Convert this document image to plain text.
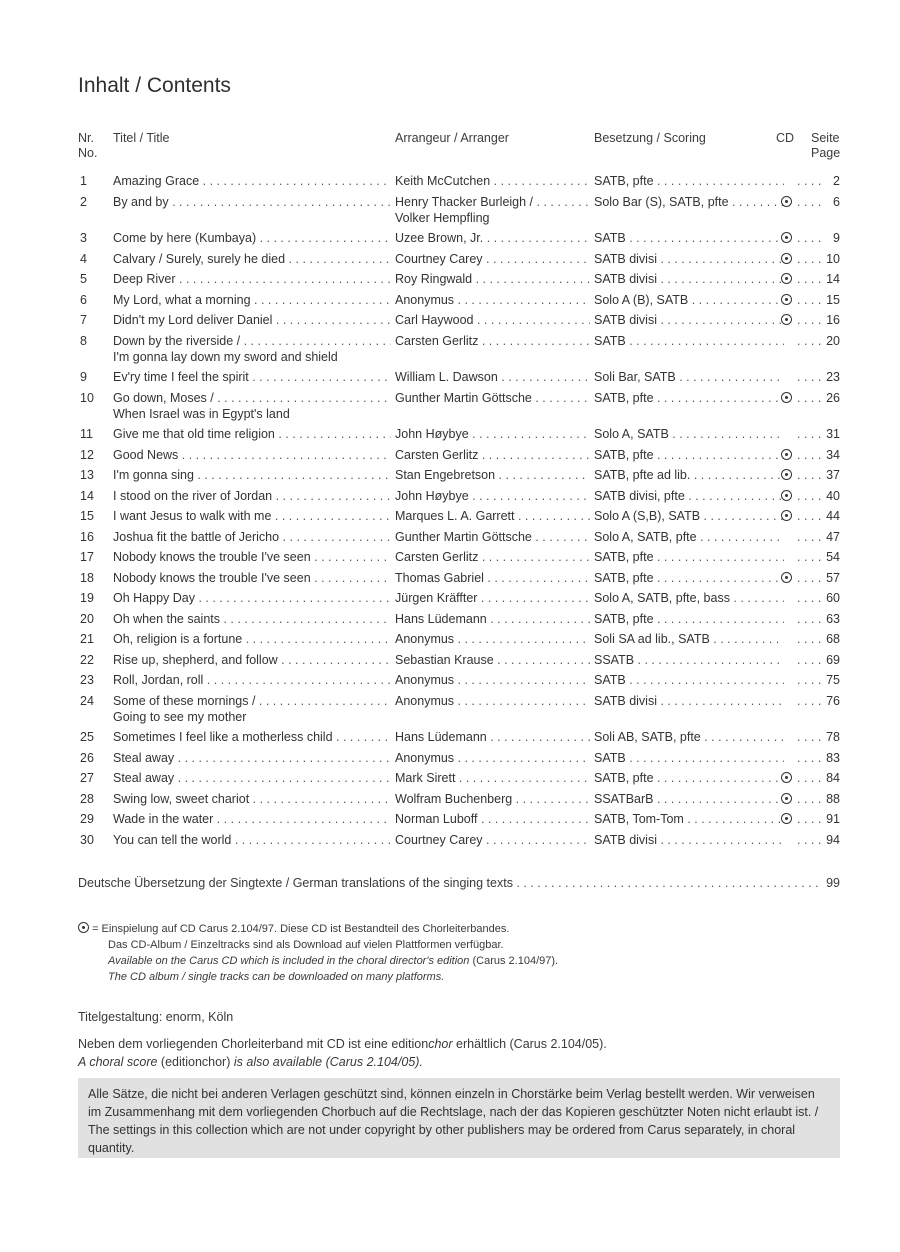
Inhalt / Contents
Nr.
No.
Titel / Title	Arrangeur / Arranger	Besetzung / Scoring	CD Seite
Page
1	Amazing Grace . . .	Keith McCutchen . . .	SATB, pfte . . .	. . . . 2
2	By and by . . .	Henry Thacker Burleigh / . . .	Solo Bar (S), SATB, pfte . . .	. . . . 6
Volker Hempfling
3	Come by here (Kumbaya) . . .	Uzee Brown, Jr. . . .	SATB . . .	. . . . 9
4	Calvary / Surely, surely he died . . .	Courtney Carey . . .	SATB divisi . . .	. . . . 10
5	Deep River . . .	Roy Ringwald . . .	SATB divisi . . .	. . . . 14
6	My Lord, what a morning . . .	Anonymus . . .	Solo A (B), SATB . . .	. . . . 15
7	Didn't my Lord deliver Daniel . . .	Carl Haywood . . .	SATB divisi . . .	. . . . 16
8	Down by the riverside / . . .	Carsten Gerlitz . . .	SATB . . .	. . . . 20
I'm gonna lay down my sword and shield
9	Ev'ry time I feel the spirit . . .	William L. Dawson . . .	Soli Bar, SATB . . .	. . . . 23
10	Go down, Moses / . . .	Gunther Martin Göttsche . . .	SATB, pfte . . .	. . . . 26
When Israel was in Egypt's land
11	Give me that old time religion . . .	John Høybye . . .	Solo A, SATB . . .	. . . . 31
12	Good News . . .	Carsten Gerlitz . . .	SATB, pfte . . .	. . . . 34
13	I'm gonna sing . . .	Stan Engebretson . . .	SATB, pfte ad lib. . . .	. . . . 37
14	I stood on the river of Jordan . . .	John Høybye . . .	SATB divisi, pfte . . .	. . . . 40
15	I want Jesus to walk with me . . .	Marques L. A. Garrett . . .	Solo A (S,B), SATB . . .	. . . . 44
16	Joshua fit the battle of Jericho . . .	Gunther Martin Göttsche . . .	Solo A, SATB, pfte . . .	. . . . 47
17	Nobody knows the trouble I've seen . . .	Carsten Gerlitz . . .	SATB, pfte . . .	. . . . 54
18	Nobody knows the trouble I've seen . . .	Thomas Gabriel . . .	SATB, pfte . . .	. . . . 57
19	Oh Happy Day . . .	Jürgen Kräffter . . .	Solo A, SATB, pfte, bass . . .	. . . . 60
20	Oh when the saints . . .	Hans Lüdemann . . .	SATB, pfte . . .	. . . . 63
21	Oh, religion is a fortune . . .	Anonymus . . .	Soli SA ad lib., SATB . . .	. . . . 68
22	Rise up, shepherd, and follow . . .	Sebastian Krause . . .	SSATB . . .	. . . . 69
23	Roll, Jordan, roll . . .	Anonymus . . .	SATB . . .	. . . . 75
24	Some of these mornings / . . .	Anonymus . . .	SATB divisi . . .	. . . . 76
Going to see my mother
25	Sometimes I feel like a motherless child . . .	Hans Lüdemann . . .	Soli AB, SATB, pfte . . .	. . . . 78
26	Steal away . . .	Anonymus . . .	SATB . . .	. . . . 83
27	Steal away . . .	Mark Sirett . . .	SATB, pfte . . .	. . . . 84
28	Swing low, sweet chariot . . .	Wolfram Buchenberg . . .	SSATBarB . . .	. . . . 88
29	Wade in the water . . .	Norman Luboff . . .	SATB, Tom-Tom . . .	. . . . 91
30	You can tell the world . . .	Courtney Carey . . .	SATB divisi . . .	. . . . 94
Deutsche Übersetzung der Singtexte / German translations of the singing texts . . .	99
= Einspielung auf CD Carus 2.104/97. Diese CD ist Bestandteil des Chorleiterbandes.
Das CD-Album / Einzeltracks sind als Download auf vielen Plattformen verfügbar.
Available on the Carus CD which is included in the choral director's edition (Carus 2.104/97).
The CD album / single tracks can be downloaded on many platforms.
Titelgestaltung: enorm, Köln
Neben dem vorliegenden Chorleiterband mit CD ist eine editionchor erhältlich (Carus 2.104/05).
A choral score (editionchor) is also available (Carus 2.104/05).
Alle Sätze, die nicht bei anderen Verlagen geschützt sind, können einzeln in Chorstärke beim Verlag bestellt werden. Wir verweisen im Zusammenhang mit dem vorliegenden Chorbuch auf die Rechtslage, nach der das Kopieren geschützter Noten nicht erlaubt ist. / The settings in this collection which are not under copyright by other publishers may be ordered from Carus separately, in choral quantity.
